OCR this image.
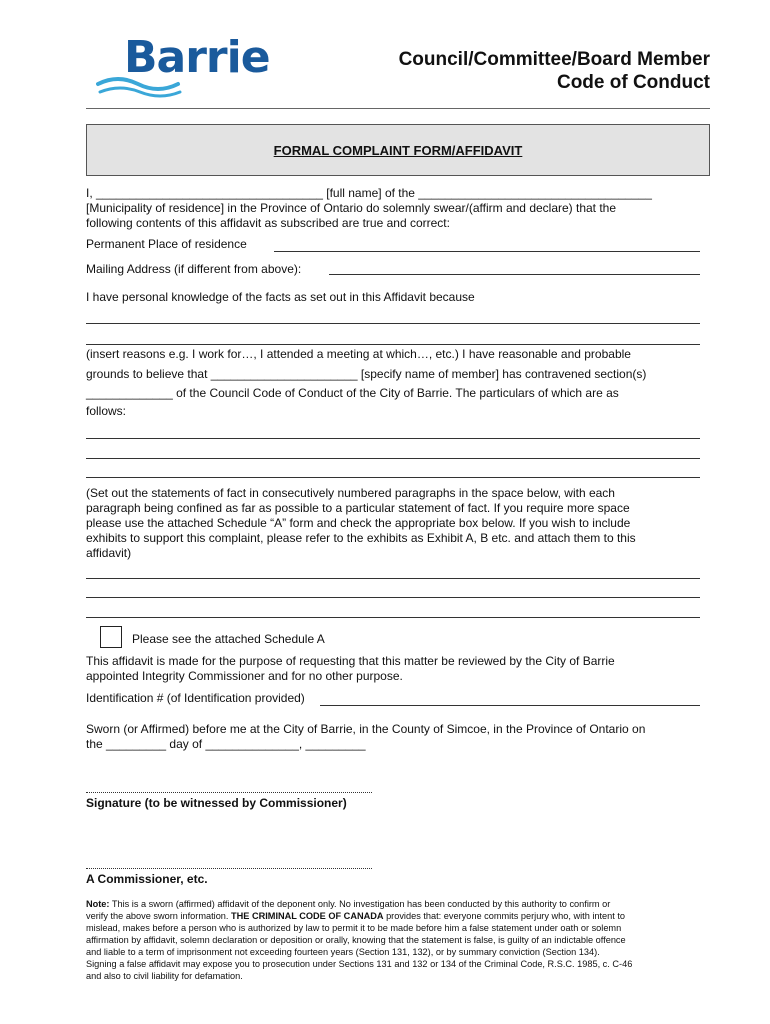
Barrie	Council/Committee/Board Member
Code of Conduct
FORMAL COMPLAINT FORM/AFFIDAVIT
I, __________________________________ [full name] of the ___________________________________
[Municipality of residence] in the Province of Ontario do solemnly swear/(affirm and declare) that the
following contents of this affidavit as subscribed are true and correct:
Permanent Place of residence
Mailing Address (if different from above):
I have personal knowledge of the facts as set out in this Affidavit because
(insert reasons e.g. I work for…, I attended a meeting at which…, etc.) I have reasonable and probable
grounds to believe that ______________________ [specify name of member] has contravened section(s)
_____________ of the Council Code of Conduct of the City of Barrie. The particulars of which are as
follows:
(Set out the statements of fact in consecutively numbered paragraphs in the space below, with each
paragraph being confined as far as possible to a particular statement of fact. If you require more space
please use the attached Schedule “A” form and check the appropriate box below. If you wish to include
exhibits to support this complaint, please refer to the exhibits as Exhibit A, B etc. and attach them to this
affidavit)
Please see the attached Schedule A
This affidavit is made for the purpose of requesting that this matter be reviewed by the City of Barrie
appointed Integrity Commissioner and for no other purpose.
Identification # (of Identification provided)
Sworn (or Affirmed) before me at the City of Barrie, in the County of Simcoe, in the Province of Ontario on
the _________ day of ______________, _________
Signature (to be witnessed by Commissioner)
A Commissioner, etc.
Note: This is a sworn (affirmed) affidavit of the deponent only. No investigation has been conducted by this authority to confirm or
verify the above sworn information. THE CRIMINAL CODE OF CANADA provides that: everyone commits perjury who, with intent to
mislead, makes before a person who is authorized by law to permit it to be made before him a false statement under oath or solemn
affirmation by affidavit, solemn declaration or deposition or orally, knowing that the statement is false, is guilty of an indictable offence
and liable to a term of imprisonment not exceeding fourteen years (Section 131, 132), or by summary conviction (Section 134).
Signing a false affidavit may expose you to prosecution under Sections 131 and 132 or 134 of the Criminal Code, R.S.C. 1985, c. C-46
and also to civil liability for defamation.
